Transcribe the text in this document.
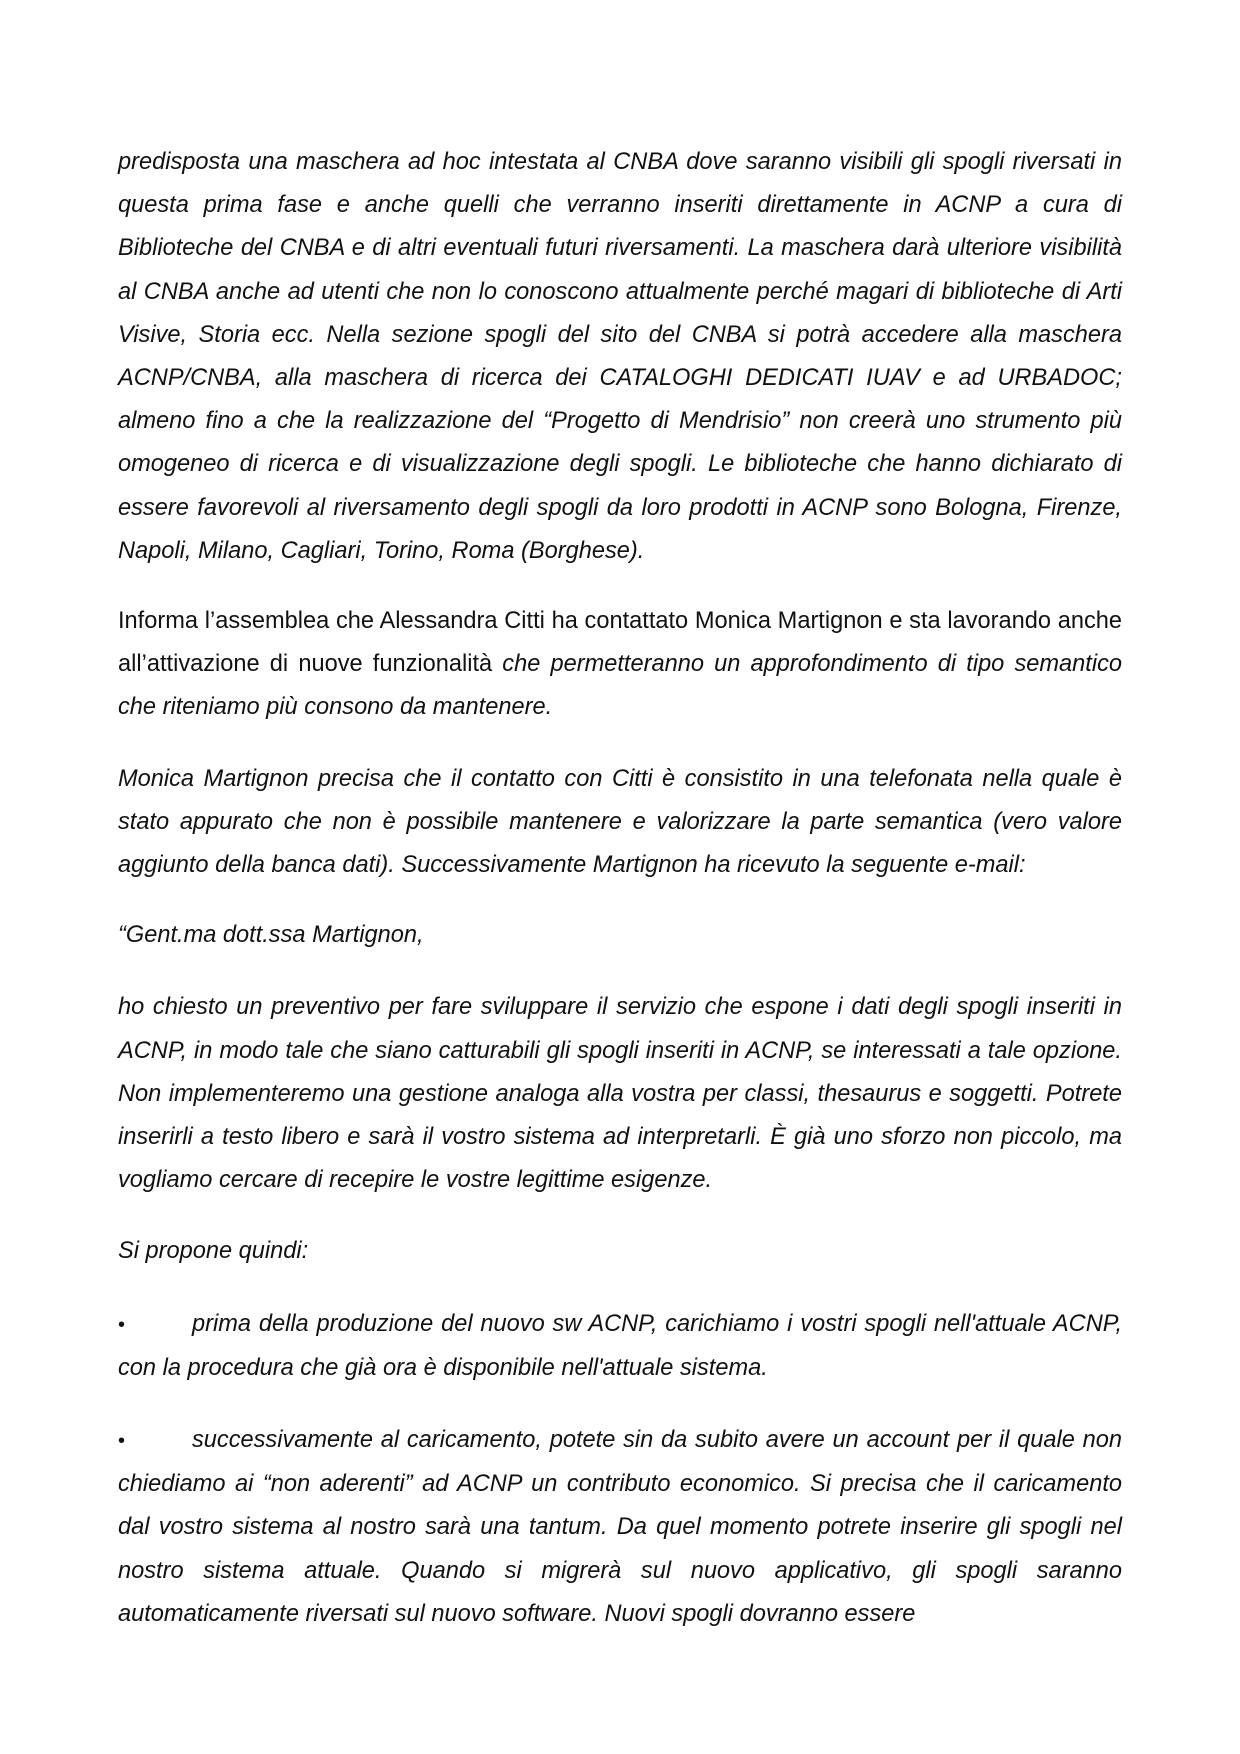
predisposta una maschera ad hoc intestata al CNBA dove saranno visibili gli spogli riversati in questa prima fase e anche quelli che verranno inseriti direttamente in ACNP a cura di Biblioteche del CNBA e di altri eventuali futuri riversamenti. La maschera darà ulteriore visibilità al CNBA anche ad utenti che non lo conoscono attualmente perché magari di biblioteche di Arti Visive, Storia ecc. Nella sezione spogli del sito del CNBA si potrà accedere alla maschera ACNP/CNBA, alla maschera di ricerca dei CATALOGHI DEDICATI IUAV e ad URBADOC; almeno fino a che la realizzazione del “Progetto di Mendrisio” non creerà uno strumento più omogeneo di ricerca e di visualizzazione degli spogli. Le biblioteche che hanno dichiarato di essere favorevoli al riversamento degli spogli da loro prodotti in ACNP sono Bologna, Firenze, Napoli, Milano, Cagliari, Torino, Roma (Borghese).

Informa l’assemblea che Alessandra Citti ha contattato Monica Martignon e sta lavorando anche all’attivazione di nuove funzionalità che permetteranno un approfondimento di tipo semantico che riteniamo più consono da mantenere.

Monica Martignon precisa che il contatto con Citti è consistito in una telefonata nella quale è stato appurato che non è possibile mantenere e valorizzare la parte semantica (vero valore aggiunto della banca dati). Successivamente Martignon ha ricevuto la seguente e-mail:

“Gent.ma dott.ssa Martignon,

ho chiesto un preventivo per fare sviluppare il servizio che espone i dati degli spogli inseriti in ACNP, in modo tale che siano catturabili gli spogli inseriti in ACNP, se interessati a tale opzione. Non implementeremo una gestione analoga alla vostra per classi, thesaurus e soggetti. Potrete inserirli a testo libero e sarà il vostro sistema ad interpretarli. È già uno sforzo non piccolo, ma vogliamo cercare di recepire le vostre legittime esigenze.

Si propone quindi:

•	prima della produzione del nuovo sw ACNP, carichiamo i vostri spogli nell'attuale ACNP, con la procedura che già ora è disponibile nell'attuale sistema.

•	successivamente al caricamento, potete sin da subito avere un account per il quale non chiediamo ai “non aderenti” ad ACNP un contributo economico. Si precisa che il caricamento dal vostro sistema al nostro sarà una tantum. Da quel momento potrete inserire gli spogli nel nostro sistema attuale. Quando si migrerà sul nuovo applicativo, gli spogli saranno automaticamente riversati sul nuovo software. Nuovi spogli dovranno essere
